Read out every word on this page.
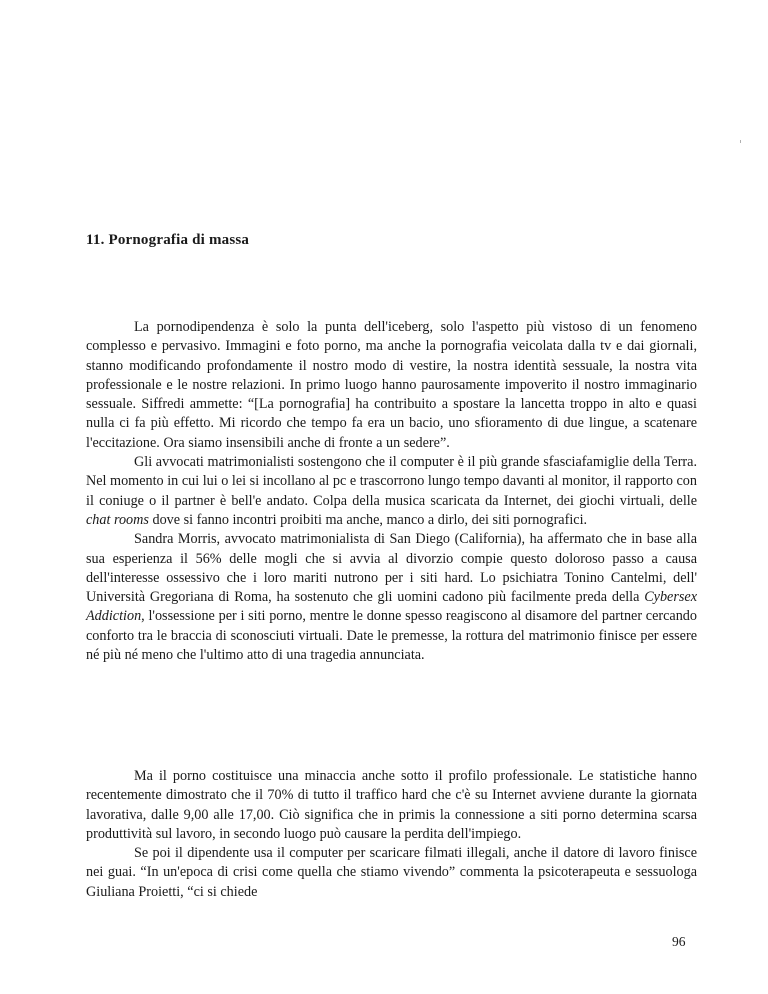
11. Pornografia di massa

La pornodipendenza è solo la punta dell'iceberg, solo l'aspetto più vistoso di un fenomeno complesso e pervasivo. Immagini e foto porno, ma anche la pornografia veicolata dalla tv e dai giornali, stanno modificando profondamente il nostro modo di vestire, la nostra identità sessuale, la nostra vita professionale e le nostre relazioni. In primo luogo hanno paurosamente impoverito il nostro immaginario sessuale. Siffredi ammette: “[La pornografia] ha contribuito a spostare la lancetta troppo in alto e quasi nulla ci fa più effetto. Mi ricordo che tempo fa era un bacio, uno sfioramento di due lingue, a scatenare l'eccitazione. Ora siamo insensibili anche di fronte a un sedere”.

Gli avvocati matrimonialisti sostengono che il computer è il più grande sfasciafamiglie della Terra. Nel momento in cui lui o lei si incollano al pc e trascorrono lungo tempo davanti al monitor, il rapporto con il coniuge o il partner è bell'e andato. Colpa della musica scaricata da Internet, dei giochi virtuali, delle chat rooms dove si fanno incontri proibiti ma anche, manco a dirlo, dei siti pornografici.

Sandra Morris, avvocato matrimonialista di San Diego (California), ha affermato che in base alla sua esperienza il 56% delle mogli che si avvia al divorzio compie questo doloroso passo a causa dell'interesse ossessivo che i loro mariti nutrono per i siti hard. Lo psichiatra Tonino Cantelmi, dell' Università Gregoriana di Roma, ha sostenuto che gli uomini cadono più facilmente preda della Cybersex Addiction, l'ossessione per i siti porno, mentre le donne spesso reagiscono al disamore del partner cercando conforto tra le braccia di sconosciuti virtuali. Date le premesse, la rottura del matrimonio finisce per essere né più né meno che l'ultimo atto di una tragedia annunciata.

Ma il porno costituisce una minaccia anche sotto il profilo professionale. Le statistiche hanno recentemente dimostrato che il 70% di tutto il traffico hard che c'è su Internet avviene durante la giornata lavorativa, dalle 9,00 alle 17,00. Ciò significa che in primis la connessione a siti porno determina scarsa produttività sul lavoro, in secondo luogo può causare la perdita dell'impiego.

Se poi il dipendente usa il computer per scaricare filmati illegali, anche il datore di lavoro finisce nei guai. “In un'epoca di crisi come quella che stiamo vivendo” commenta la psicoterapeuta e sessuologa Giuliana Proietti, “ci si chiede

96
